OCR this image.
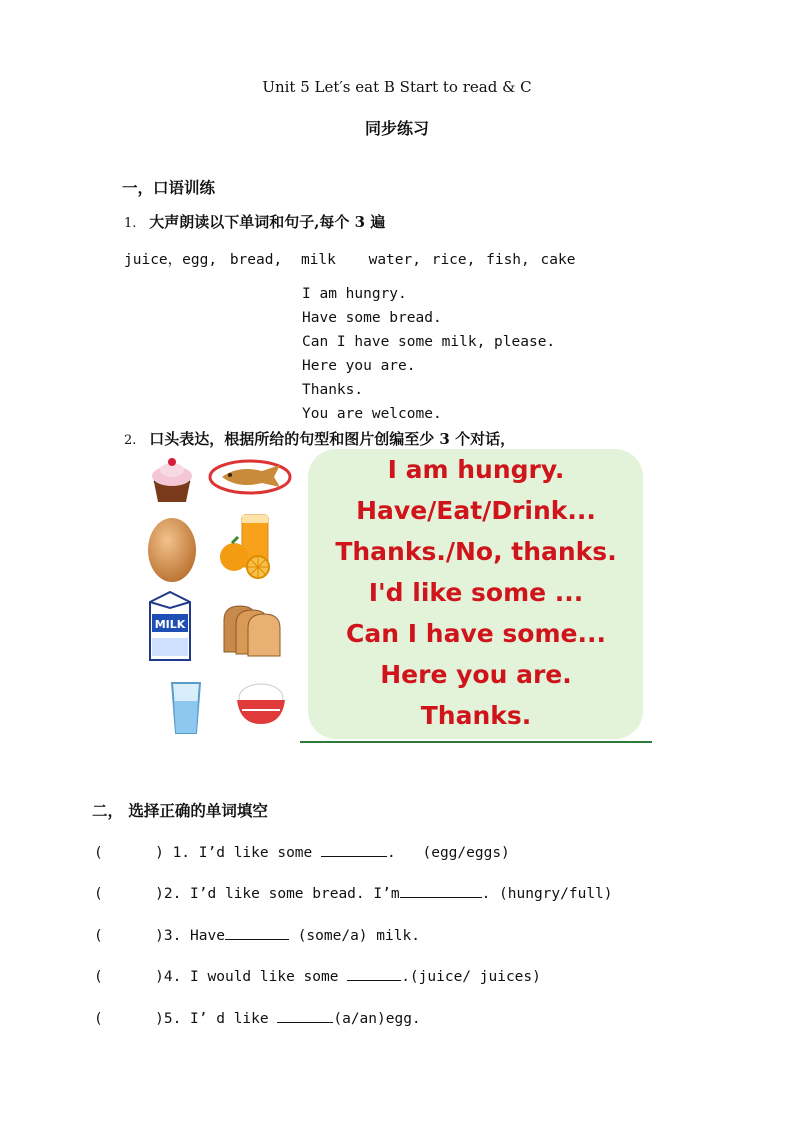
Unit 5 Let′s eat B Start to read & C
同步练习
一，口语训练
1. 大声朗读以下单词和句子,每个 3 遍
juice，egg, bread, milk water, rice, fish, cake
I am hungry.
Have some bread.
Can I have some milk, please.
Here you are.
Thanks.
You are welcome.
2. 口头表达，根据所给的句型和图片创编至少 3 个对话，
MILK
I am hungry.
Have/Eat/Drink...
Thanks./No, thanks.
I'd like some ...
Can I have some...
Here you are.
Thanks.
二， 选择正确的单词填空
(      ) 1. I’d like some	. (egg/eggs)
(      )2. I’d like some bread. I’m	. (hungry/full)
(      )3. Have	(some/a) milk.
(      )4. I would like some	.(juice/ juices)
(      )5. I’ d like	(a/an)egg.
